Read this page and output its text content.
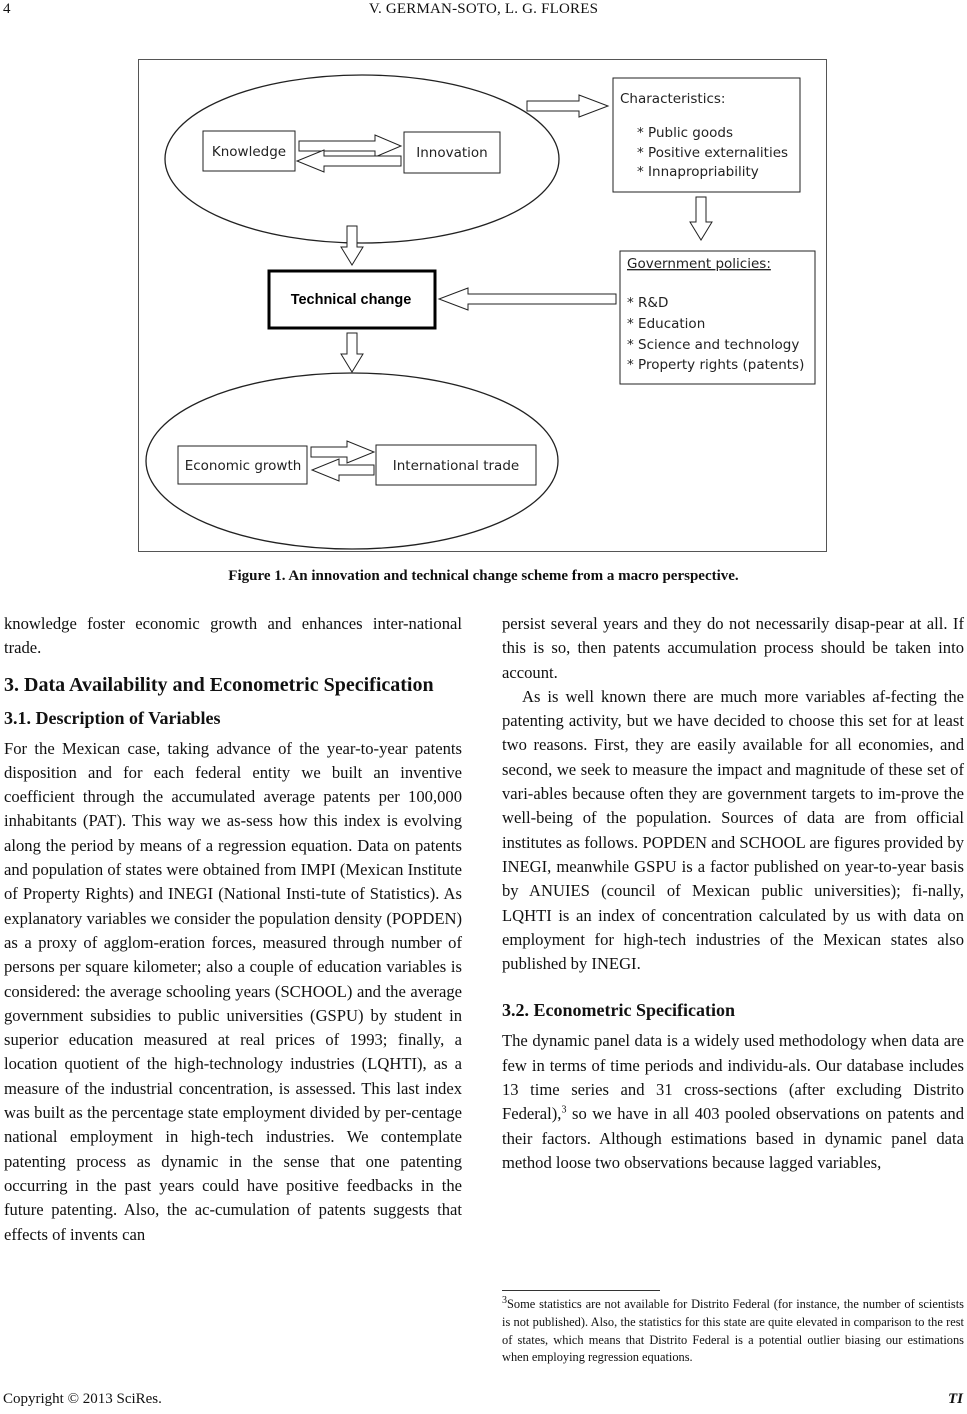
4	V. GERMAN-SOTO, L. G. FLORES
Knowledge	Innovation
Characteristics:
* Public goods
* Positive externalities
* Innapropriability
Government policies:
* R&D
* Education
* Science and technology
* Property rights (patents)
Technical change
Economic growth	International trade
Figure 1. An innovation and technical change scheme from a macro perspective.

knowledge foster economic growth and enhances inter-national trade.

3. Data Availability and Econometric Specification
3.1. Description of Variables

For the Mexican case, taking advance of the year-to-year patents disposition and for each federal entity we built an inventive coefficient through the accumulated average patents per 100,000 inhabitants (PAT). This way we as-sess how this index is evolving along the period by means of a regression equation. Data on patents and population of states were obtained from IMPI (Mexican Institute of Property Rights) and INEGI (National Insti-tute of Statistics). As explanatory variables we consider the population density (POPDEN) as a proxy of agglom-eration forces, measured through number of persons per square kilometer; also a couple of education variables is considered: the average schooling years (SCHOOL) and the average government subsidies to public universities (GSPU) by student in superior education measured at real prices of 1993; finally, a location quotient of the high-technology industries (LQHTI), as a measure of the industrial concentration, is assessed. This last index was built as the percentage state employment divided by per-centage national employment in high-tech industries. We contemplate patenting process as dynamic in the sense that one patenting occurring in the past years could have positive feedbacks in the future patenting. Also, the ac-cumulation of patents suggests that effects of invents can

persist several years and they do not necessarily disap-pear at all. If this is so, then patents accumulation process should be taken into account.

As is well known there are much more variables af-fecting the patenting activity, but we have decided to choose this set for at least two reasons. First, they are easily available for all economies, and second, we seek to measure the impact and magnitude of these set of vari-ables because often they are government targets to im-prove the well-being of the population. Sources of data are from official institutes as follows. POPDEN and SCHOOL are figures provided by INEGI, meanwhile GSPU is a factor published on year-to-year basis by ANUIES (council of Mexican public universities); fi-nally, LQHTI is an index of concentration calculated by us with data on employment for high-tech industries of the Mexican states also published by INEGI.

3.2. Econometric Specification

The dynamic panel data is a widely used methodology when data are few in terms of time periods and individu-als. Our database includes 13 time series and 31 cross-sections (after excluding Distrito Federal),$^3$ so we have in all 403 pooled observations on patents and their factors. Although estimations based in dynamic panel data method loose two observations because lagged variables,

$^3$Some statistics are not available for Distrito Federal (for instance, the number of scientists is not published). Also, the statistics for this state are quite elevated in comparison to the rest of states, which means that Distrito Federal is a potential outlier biasing our estimations when employing regression equations.
Copyright © 2013 SciRes.	TI
